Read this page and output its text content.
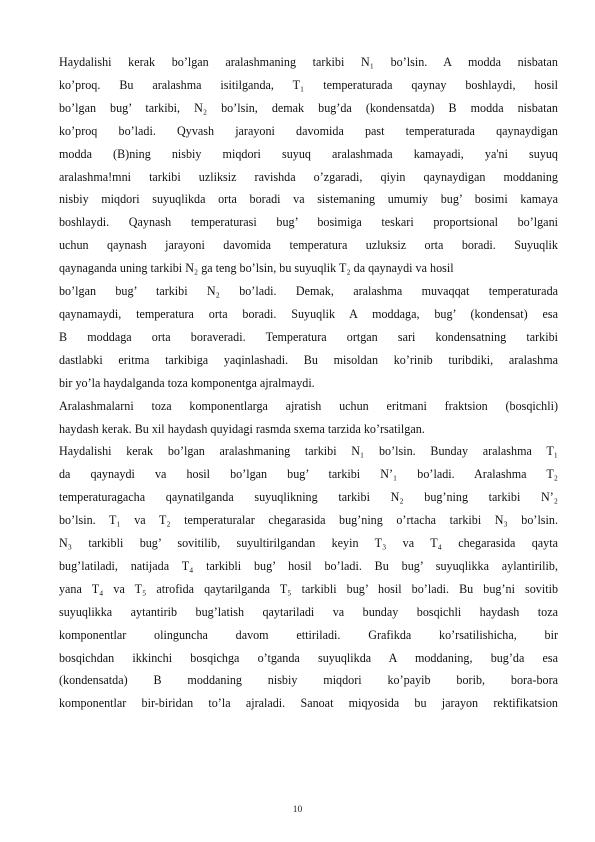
Haydalishi kerak bo’lgan aralashmaning tarkibi N₁ bo’lsin. A modda nisbatan
ko’proq. Bu aralashma isitilganda, T₁ temperaturada qaynay boshlaydi, hosil
bo’lgan bug’ tarkibi, N₂ bo’lsin, demak bug’da (kondensatda) B modda nisbatan
ko’proq bo’ladi. Qyvash jarayoni davomida past temperaturada qaynaydigan
modda (B)ning nisbiy miqdori suyuq aralashmada kamayadi, ya'ni suyuq
aralashma!mni tarkibi uzliksiz ravishda o’zgaradi, qiyin qaynaydigan moddaning
nisbiy miqdori suyuqlikda orta boradi va sistemaning umumiy bug’ bosimi kamaya
boshlaydi. Qaynash temperaturasi bug’ bosimiga teskari proportsional bo’lgani
uchun qaynash jarayoni davomida temperatura uzluksiz orta boradi. Suyuqlik
qaynaganda uning tarkibi N₂ ga teng bo’lsin, bu suyuqlik T₂ da qaynaydi va hosil
bo’lgan bug’ tarkibi N₂ bo’ladi. Demak, aralashma muvaqqat temperaturada
qaynamaydi, temperatura orta boradi. Suyuqlik A moddaga, bug’ (kondensat) esa
B moddaga orta boraveradi. Temperatura ortgan sari kondensatning tarkibi
dastlabki eritma tarkibiga yaqinlashadi. Bu misoldan ko’rinib turibdiki, aralashma
bir yo’la haydalganda toza komponentga ajralmaydi.
Aralashmalarni toza komponentlarga ajratish uchun eritmani fraktsion (bosqichli)
haydash kerak. Bu xil haydash quyidagi rasmda sxema tarzida ko’rsatilgan.
Haydalishi kerak bo’lgan aralashmaning tarkibi N₁ bo’lsin. Bunday aralashma T₁
da qaynaydi va hosil bo’lgan bug’ tarkibi N’₁ bo’ladi. Aralashma T₂
temperaturagacha qaynatilganda suyuqlikning tarkibi N₂ bug’ning tarkibi N’₂
bo’lsin. T₁ va T₂ temperaturalar chegarasida bug’ning o’rtacha tarkibi N₃ bo’lsin.
N₃ tarkibli bug’ sovitilib, suyultirilgandan keyin T₃ va T₄ chegarasida qayta
bug’latiladi, natijada T₄ tarkibli bug’ hosil bo’ladi. Bu bug’ suyuqlikka aylantirilib,
yana T₄ va T₅ atrofida qaytarilganda T₅ tarkibli bug’ hosil bo’ladi. Bu bug’ni sovitib
suyuqlikka aytantirib bug’latish qaytariladi va bunday bosqichli haydash toza
komponentlar olinguncha davom ettiriladi. Grafikda ko’rsatilishicha, bir
bosqichdan ikkinchi bosqichga o’tganda suyuqlikda A moddaning, bug’da esa
(kondensatda) B moddaning nisbiy miqdori ko’payib borib, bora-bora
komponentlar bir-biridan to’la ajraladi. Sanoat miqyosida bu jarayon rektifikatsion

10
